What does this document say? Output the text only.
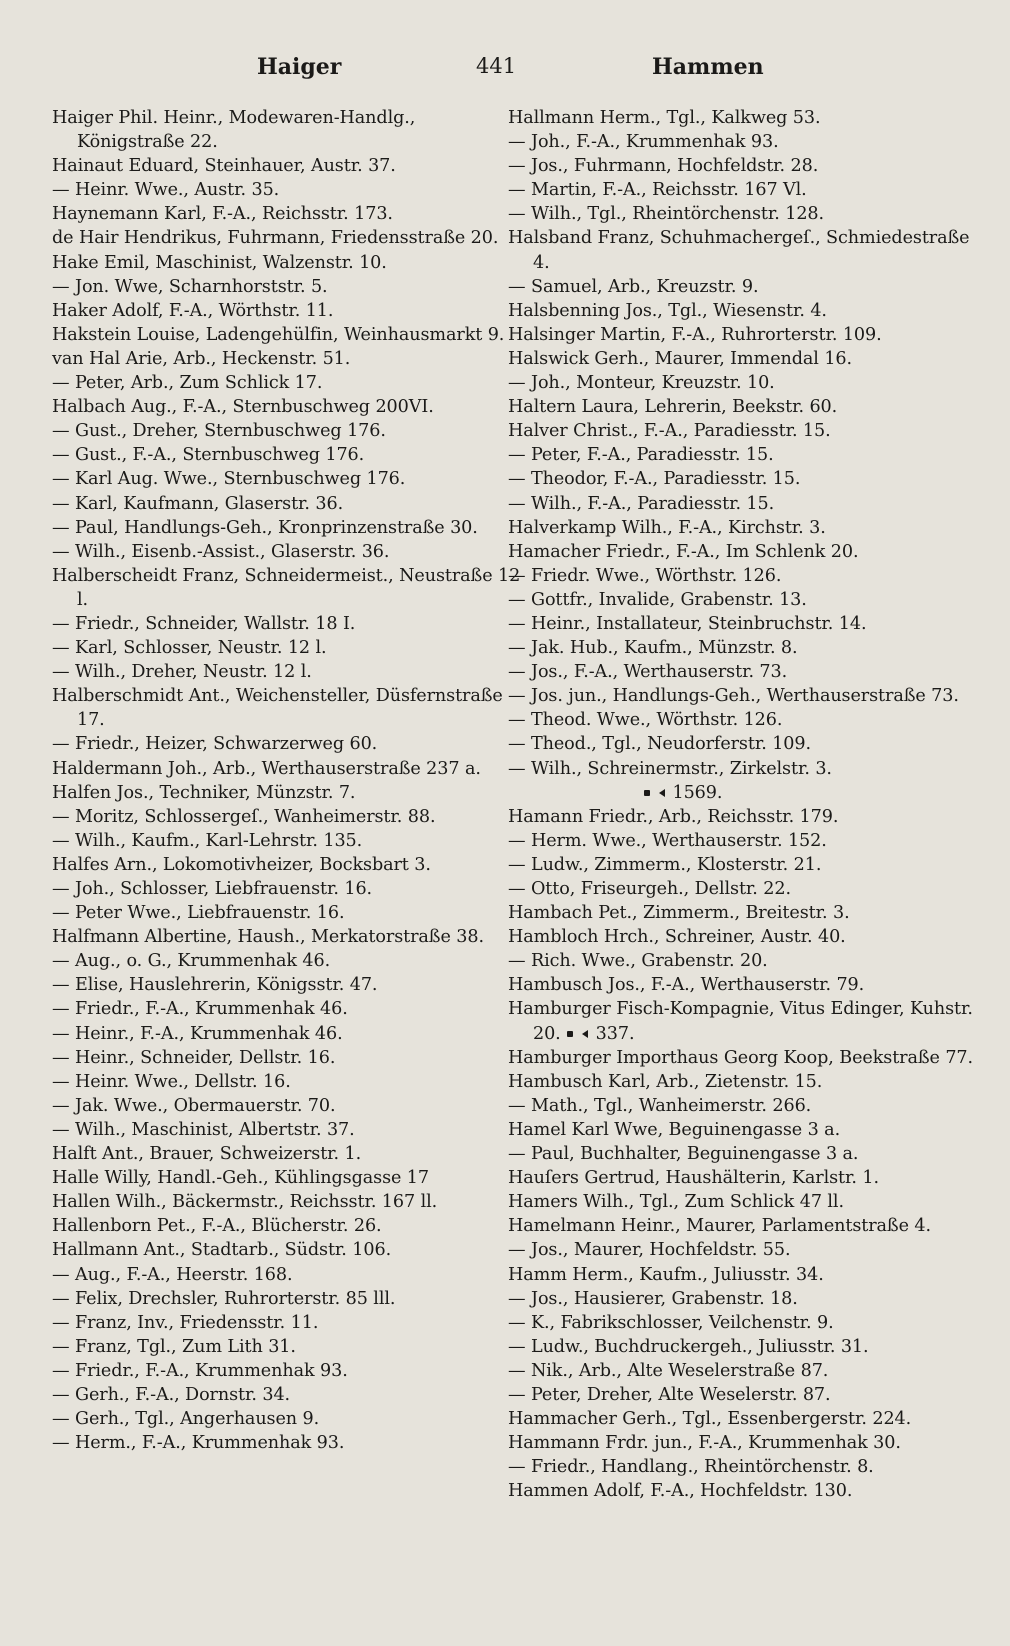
Haiger	441	Hammen
Haiger Phil. Heinr., Modewaren-Handlg., Königstraße 22.
Hainaut Eduard, Steinhauer, Austr. 37.
— Heinr. Wwe., Austr. 35.
Haynemann Karl, F.-A., Reichsstr. 173.
de Hair Hendrikus, Fuhrmann, Friedensstraße 20.
Hake Emil, Maschinist, Walzenstr. 10.
— Jon. Wwe, Scharnhorststr. 5.
Haker Adolf, F.-A., Wörthstr. 11.
Hakstein Louise, Ladengehülfin, Weinhausmarkt 9.
van Hal Arie, Arb., Heckenstr. 51.
— Peter, Arb., Zum Schlick 17.
Halbach Aug., F.-A., Sternbuschweg 200VI.
— Gust., Dreher, Sternbuschweg 176.
— Gust., F.-A., Sternbuschweg 176.
— Karl Aug. Wwe., Sternbuschweg 176.
— Karl, Kaufmann, Glaserstr. 36.
— Paul, Handlungs-Geh., Kronprinzenstraße 30.
— Wilh., Eisenb.-Assist., Glaserstr. 36.
Halberscheidt Franz, Schneidermeist., Neustraße 12 l.
— Friedr., Schneider, Wallstr. 18 I.
— Karl, Schlosser, Neustr. 12 l.
— Wilh., Dreher, Neustr. 12 l.
Halberschmidt Ant., Weichensteller, Düsfernstraße 17.
— Friedr., Heizer, Schwarzerweg 60.
Haldermann Joh., Arb., Werthauserstraße 237 a.
Halfen Jos., Techniker, Münzstr. 7.
— Moritz, Schlossergeſ., Wanheimerstr. 88.
— Wilh., Kaufm., Karl-Lehrstr. 135.
Halfes Arn., Lokomotivheizer, Bocksbart 3.
— Joh., Schlosser, Liebfrauenstr. 16.
— Peter Wwe., Liebfrauenstr. 16.
Halfmann Albertine, Haush., Merkatorstraße 38.
— Aug., o. G., Krummenhak 46.
— Elise, Hauslehrerin, Königsstr. 47.
— Friedr., F.-A., Krummenhak 46.
— Heinr., F.-A., Krummenhak 46.
— Heinr., Schneider, Dellstr. 16.
— Heinr. Wwe., Dellstr. 16.
— Jak. Wwe., Obermauerstr. 70.
— Wilh., Maschinist, Albertstr. 37.
Halft Ant., Brauer, Schweizerstr. 1.
Halle Willy, Handl.-Geh., Kühlingsgasse 17
Hallen Wilh., Bäckermstr., Reichsstr. 167 ll.
Hallenborn Pet., F.-A., Blücherstr. 26.
Hallmann Ant., Stadtarb., Südstr. 106.
— Aug., F.-A., Heerstr. 168.
— Felix, Drechsler, Ruhrorterstr. 85 lll.
— Franz, Inv., Friedensstr. 11.
— Franz, Tgl., Zum Lith 31.
— Friedr., F.-A., Krummenhak 93.
— Gerh., F.-A., Dornstr. 34.
— Gerh., Tgl., Angerhausen 9.
— Herm., F.-A., Krummenhak 93.
Hallmann Herm., Tgl., Kalkweg 53.
— Joh., F.-A., Krummenhak 93.
— Jos., Fuhrmann, Hochfeldstr. 28.
— Martin, F.-A., Reichsstr. 167 Vl.
— Wilh., Tgl., Rheintörchenstr. 128.
Halsband Franz, Schuhmachergeſ., Schmiedestraße 4.
— Samuel, Arb., Kreuzstr. 9.
Halsbenning Jos., Tgl., Wiesenstr. 4.
Halsinger Martin, F.-A., Ruhrorterstr. 109.
Halswick Gerh., Maurer, Immendal 16.
— Joh., Monteur, Kreuzstr. 10.
Haltern Laura, Lehrerin, Beekstr. 60.
Halver Christ., F.-A., Paradiesstr. 15.
— Peter, F.-A., Paradiesstr. 15.
— Theodor, F.-A., Paradiesstr. 15.
— Wilh., F.-A., Paradiesstr. 15.
Halverkamp Wilh., F.-A., Kirchstr. 3.
Hamacher Friedr., F.-A., Im Schlenk 20.
— Friedr. Wwe., Wörthstr. 126.
— Gottfr., Invalide, Grabenstr. 13.
— Heinr., Installateur, Steinbruchstr. 14.
— Jak. Hub., Kaufm., Münzstr. 8.
— Jos., F.-A., Werthauserstr. 73.
— Jos. jun., Handlungs-Geh., Werthauserstraße 73.
— Theod. Wwe., Wörthstr. 126.
— Theod., Tgl., Neudorferstr. 109.
— Wilh., Schreinermstr., Zirkelstr. 3.
1569.
Hamann Friedr., Arb., Reichsstr. 179.
— Herm. Wwe., Werthauserstr. 152.
— Ludw., Zimmerm., Klosterstr. 21.
— Otto, Friseurgeh., Dellstr. 22.
Hambach Pet., Zimmerm., Breitestr. 3.
Hambloch Hrch., Schreiner, Austr. 40.
— Rich. Wwe., Grabenstr. 20.
Hambusch Jos., F.-A., Werthauserstr. 79.
Hamburger Fisch-Kompagnie, Vitus Edinger, Kuhstr. 20.  337.
Hamburger Importhaus Georg Koop, Beekstraße 77.
Hambusch Karl, Arb., Zietenstr. 15.
— Math., Tgl., Wanheimerstr. 266.
Hamel Karl Wwe, Beguinengasse 3 a.
— Paul, Buchhalter, Beguinengasse 3 a.
Hauſers Gertrud, Haushälterin, Karlstr. 1.
Hamers Wilh., Tgl., Zum Schlick 47 ll.
Hamelmann Heinr., Maurer, Parlamentstraße 4.
— Jos., Maurer, Hochfeldstr. 55.
Hamm Herm., Kaufm., Juliusstr. 34.
— Jos., Hausierer, Grabenstr. 18.
— K., Fabrikschlosser, Veilchenstr. 9.
— Ludw., Buchdruckergeh., Juliusstr. 31.
— Nik., Arb., Alte Weselerstraße 87.
— Peter, Dreher, Alte Weselerstr. 87.
Hammacher Gerh., Tgl., Essenbergerstr. 224.
Hammann Frdr. jun., F.-A., Krummenhak 30.
— Friedr., Handlang., Rheintörchenstr. 8.
Hammen Adolf, F.-A., Hochfeldstr. 130.
